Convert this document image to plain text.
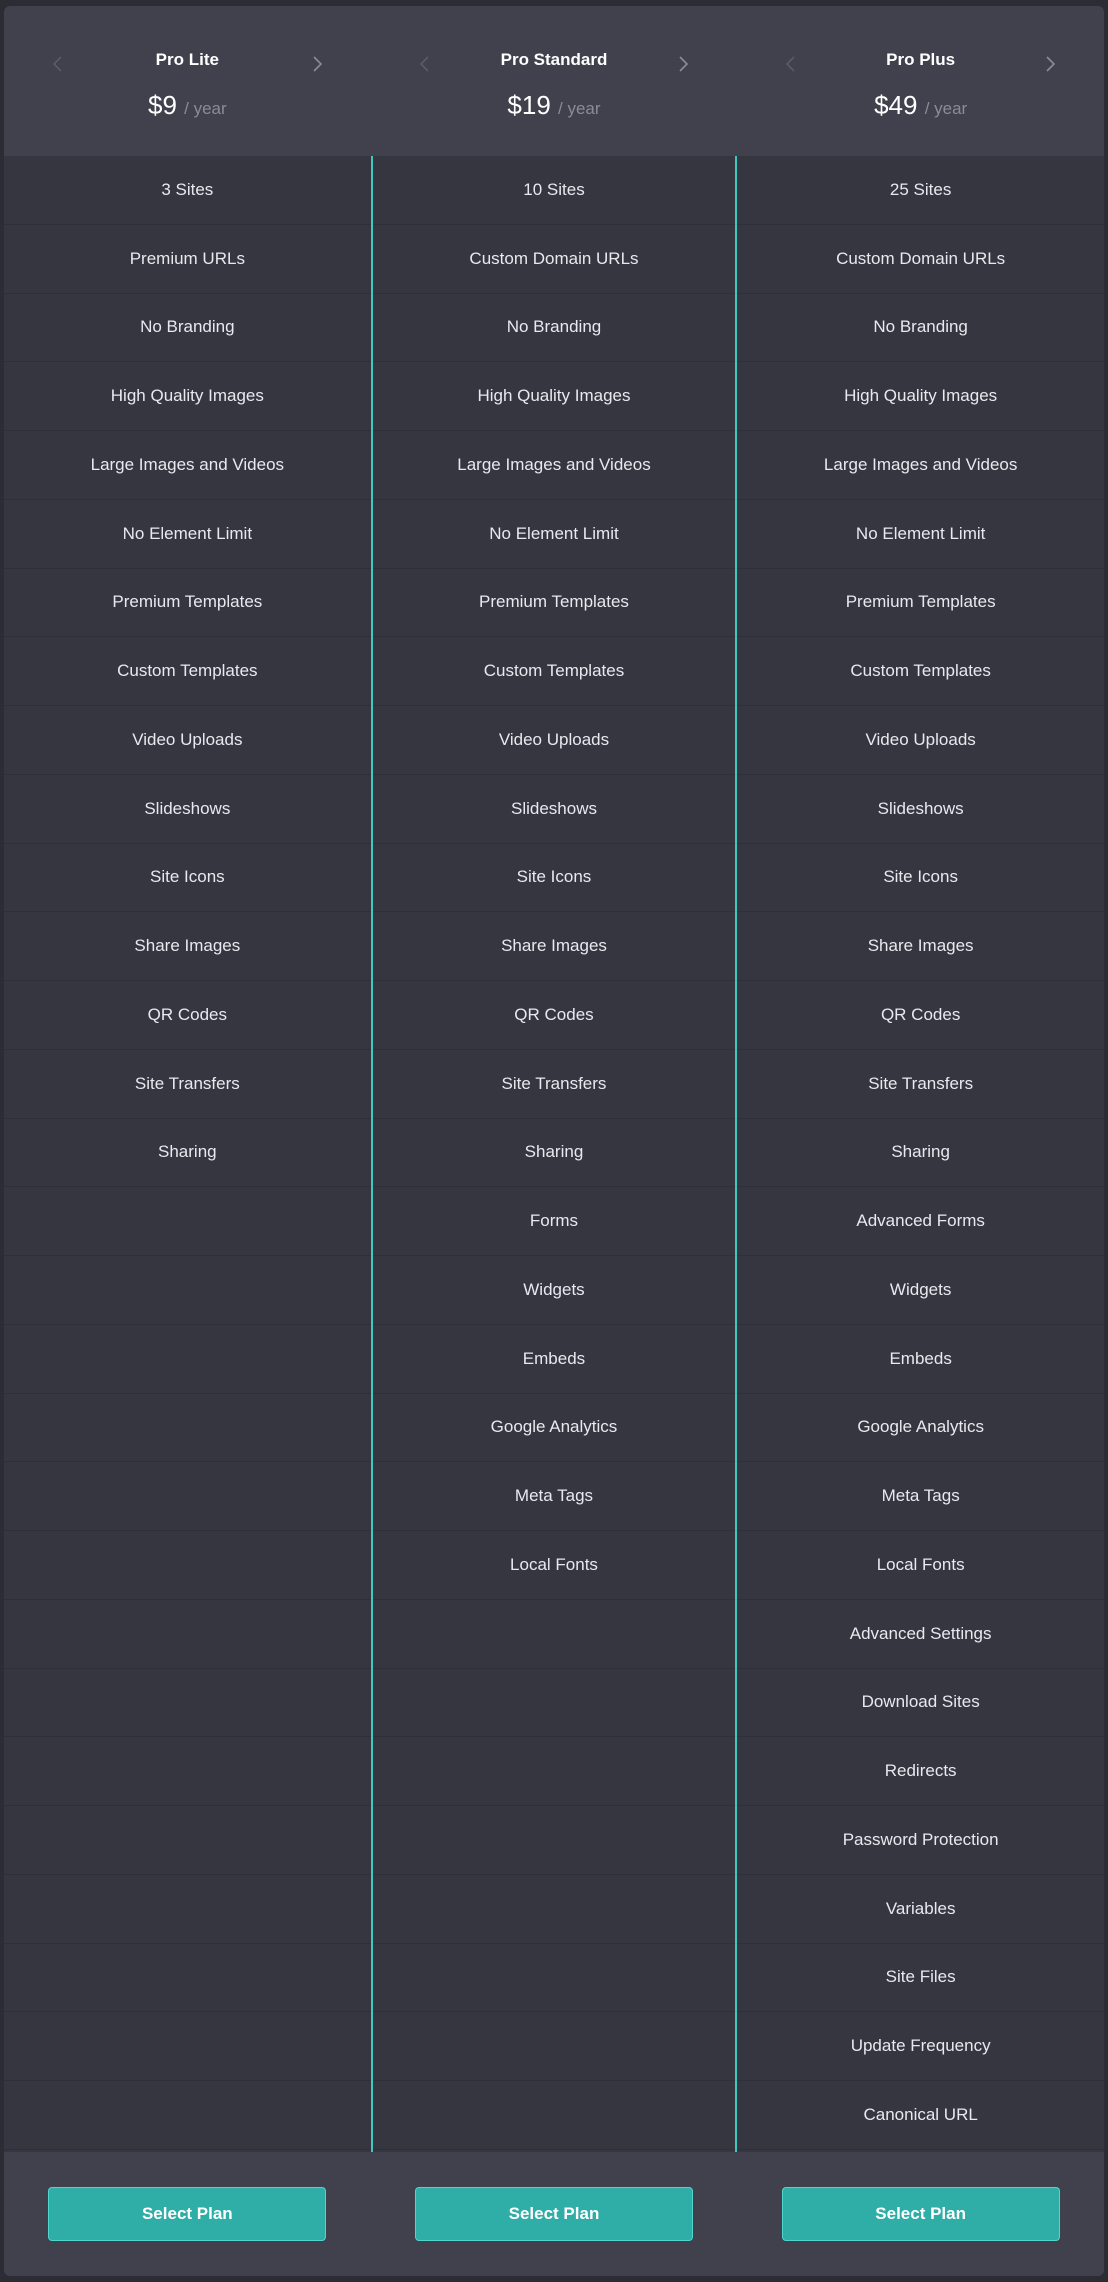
Pro Lite
$9 / year
3 Sites
Premium URLs
No Branding
High Quality Images
Large Images and Videos
No Element Limit
Premium Templates
Custom Templates
Video Uploads
Slideshows
Site Icons
Share Images
QR Codes
Site Transfers
Sharing
Select Plan
Pro Standard
$19 / year
10 Sites
Custom Domain URLs
No Branding
High Quality Images
Large Images and Videos
No Element Limit
Premium Templates
Custom Templates
Video Uploads
Slideshows
Site Icons
Share Images
QR Codes
Site Transfers
Sharing
Forms
Widgets
Embeds
Google Analytics
Meta Tags
Local Fonts
Select Plan
Pro Plus
$49 / year
25 Sites
Custom Domain URLs
No Branding
High Quality Images
Large Images and Videos
No Element Limit
Premium Templates
Custom Templates
Video Uploads
Slideshows
Site Icons
Share Images
QR Codes
Site Transfers
Sharing
Advanced Forms
Widgets
Embeds
Google Analytics
Meta Tags
Local Fonts
Advanced Settings
Download Sites
Redirects
Password Protection
Variables
Site Files
Update Frequency
Canonical URL
Select Plan
